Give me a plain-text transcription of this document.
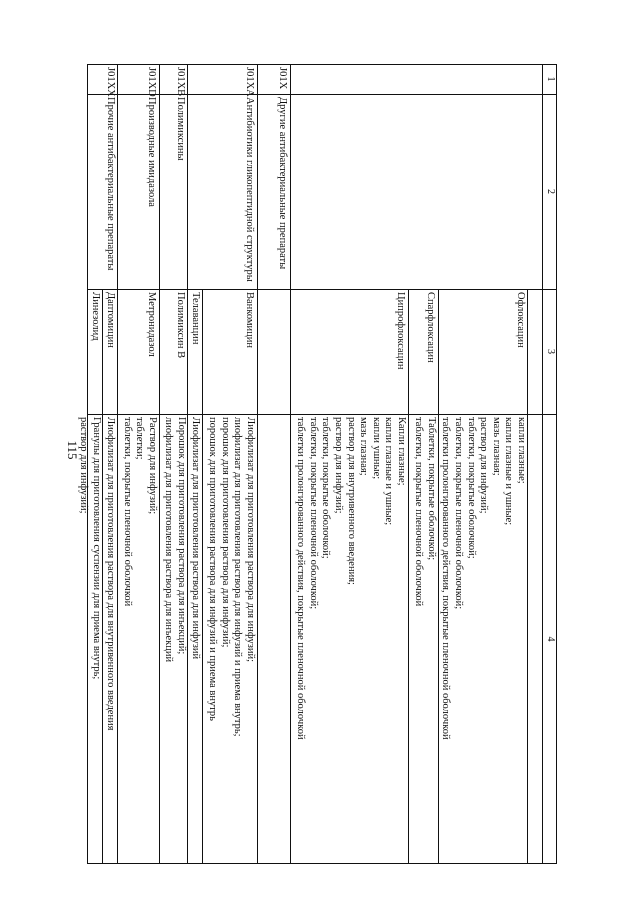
115
1
2
3
4
Офлоксацин
капли глазные;
капли глазные и ушные;
мазь глазная;
раствор для инфузий;
таблетки, покрытые оболочкой;
таблетки, покрытые пленочной оболочкой;
таблетки пролонгированного действия, покрытые пленочной оболочкой
Спарфлоксацин
Таблетки, покрытые оболочкой;
таблетки, покрытые пленочной оболочкой
Ципрофлоксацин
Капли глазные;
капли глазные и ушные;
капли ушные;
мазь глазная;
раствор для внутривенного введения;
раствор для инфузий;
таблетки, покрытые оболочкой;
таблетки, покрытые пленочной оболочкой;
таблетки пролонгированного действия, покрытые пленочной оболочкой
J01X
Другие антибактериальные препараты
J01XA
Антибиотики гликопептидной структуры
Ванкомицин
Лиофилизат для приготовления раствора для инфузий;
лиофилизат для приготовления раствора для инфузий и приема внутрь;
порошок для приготовления раствора для инфузий;
порошок для приготовления раствора для инфузий и приема внутрь
Телаванцин
Лиофилизат для приготовления раствора для инфузий
J01XB
Полимиксины
Полимиксин В
Порошок для приготовления раствора для инъекций;
лиофилизат для приготовления раствора для инъекций
J01XD
Производные имидазола
Метронидазол
Раствор для инфузий;
таблетки;
таблетки, покрытые пленочной оболочкой
J01XX
Прочие антибактериальные препараты
Даптомицин
Лиофилизат для приготовления раствора для внутривенного введения
Линезолид
Гранулы для приготовления суспензии для приема внутрь;
раствор для инфузий;
